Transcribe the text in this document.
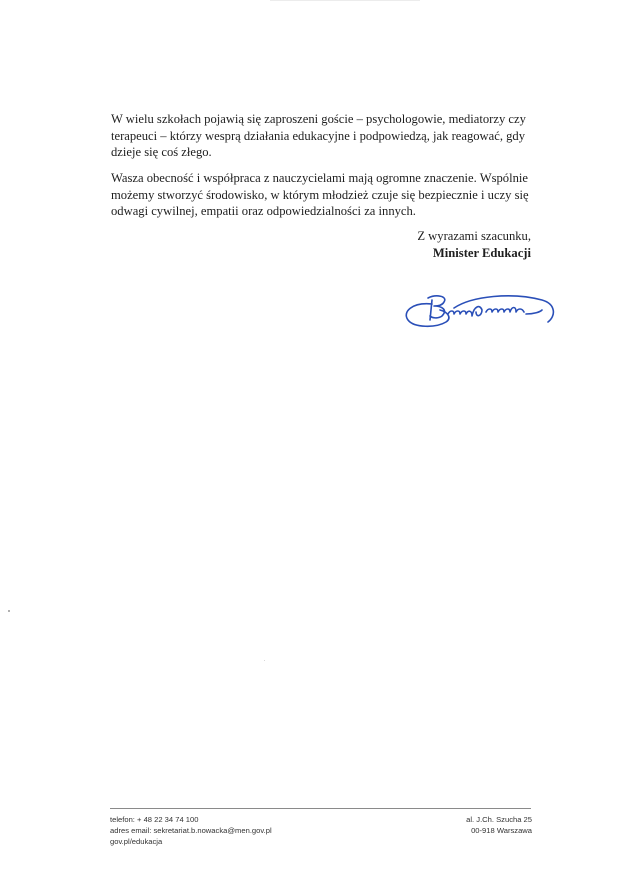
W wielu szkołach pojawią się zaproszeni goście – psychologowie, mediatorzy czy
terapeuci – którzy wesprą działania edukacyjne i podpowiedzą, jak reagować, gdy
dzieje się coś złego.

Wasza obecność i współpraca z nauczycielami mają ogromne znaczenie. Wspólnie
możemy stworzyć środowisko, w którym młodzież czuje się bezpiecznie i uczy się
odwagi cywilnej, empatii oraz odpowiedzialności za innych.

Z wyrazami szacunku,
Minister Edukacji
telefon: + 48 22 34 74 100
adres email: sekretariat.b.nowacka@men.gov.pl
gov.pl/edukacja
al. J.Ch. Szucha 25
00-918 Warszawa
